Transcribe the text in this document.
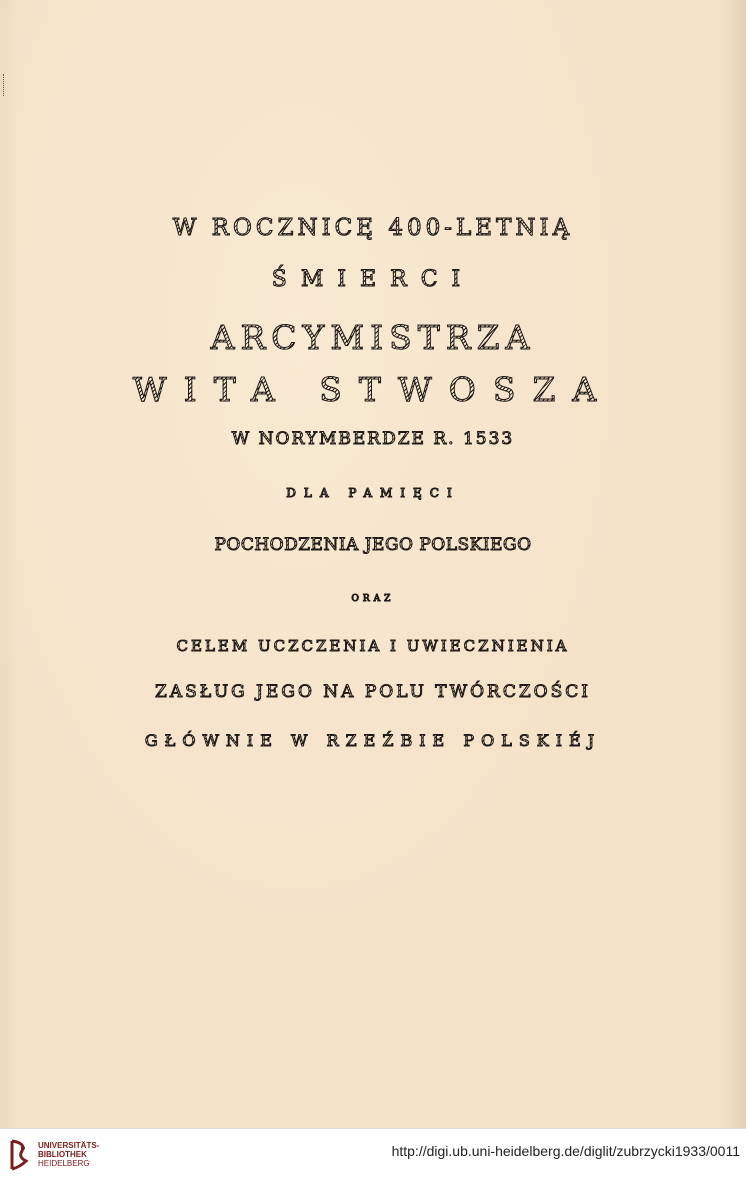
W ROCZNICĘ 400-LETNIĄ
ŚMIERCI
ARCYMISTRZA
WITA STWOSZA
W NORYMBERDZE R. 1533
DLA PAMIĘCI
POCHODZENIA JEGO POLSKIEGO
ORAZ
CELEM UCZCZENIA I UWIECZNIENIA
ZASŁUG JEGO NA POLU TWÓRCZOŚCI
GŁÓWNIE W RZEŹBIE POLSKIÉJ
UNIVERSITÄTS-
BIBLIOTHEK
HEIDELBERG
http://digi.ub.uni-heidelberg.de/diglit/zubrzycki1933/0011
